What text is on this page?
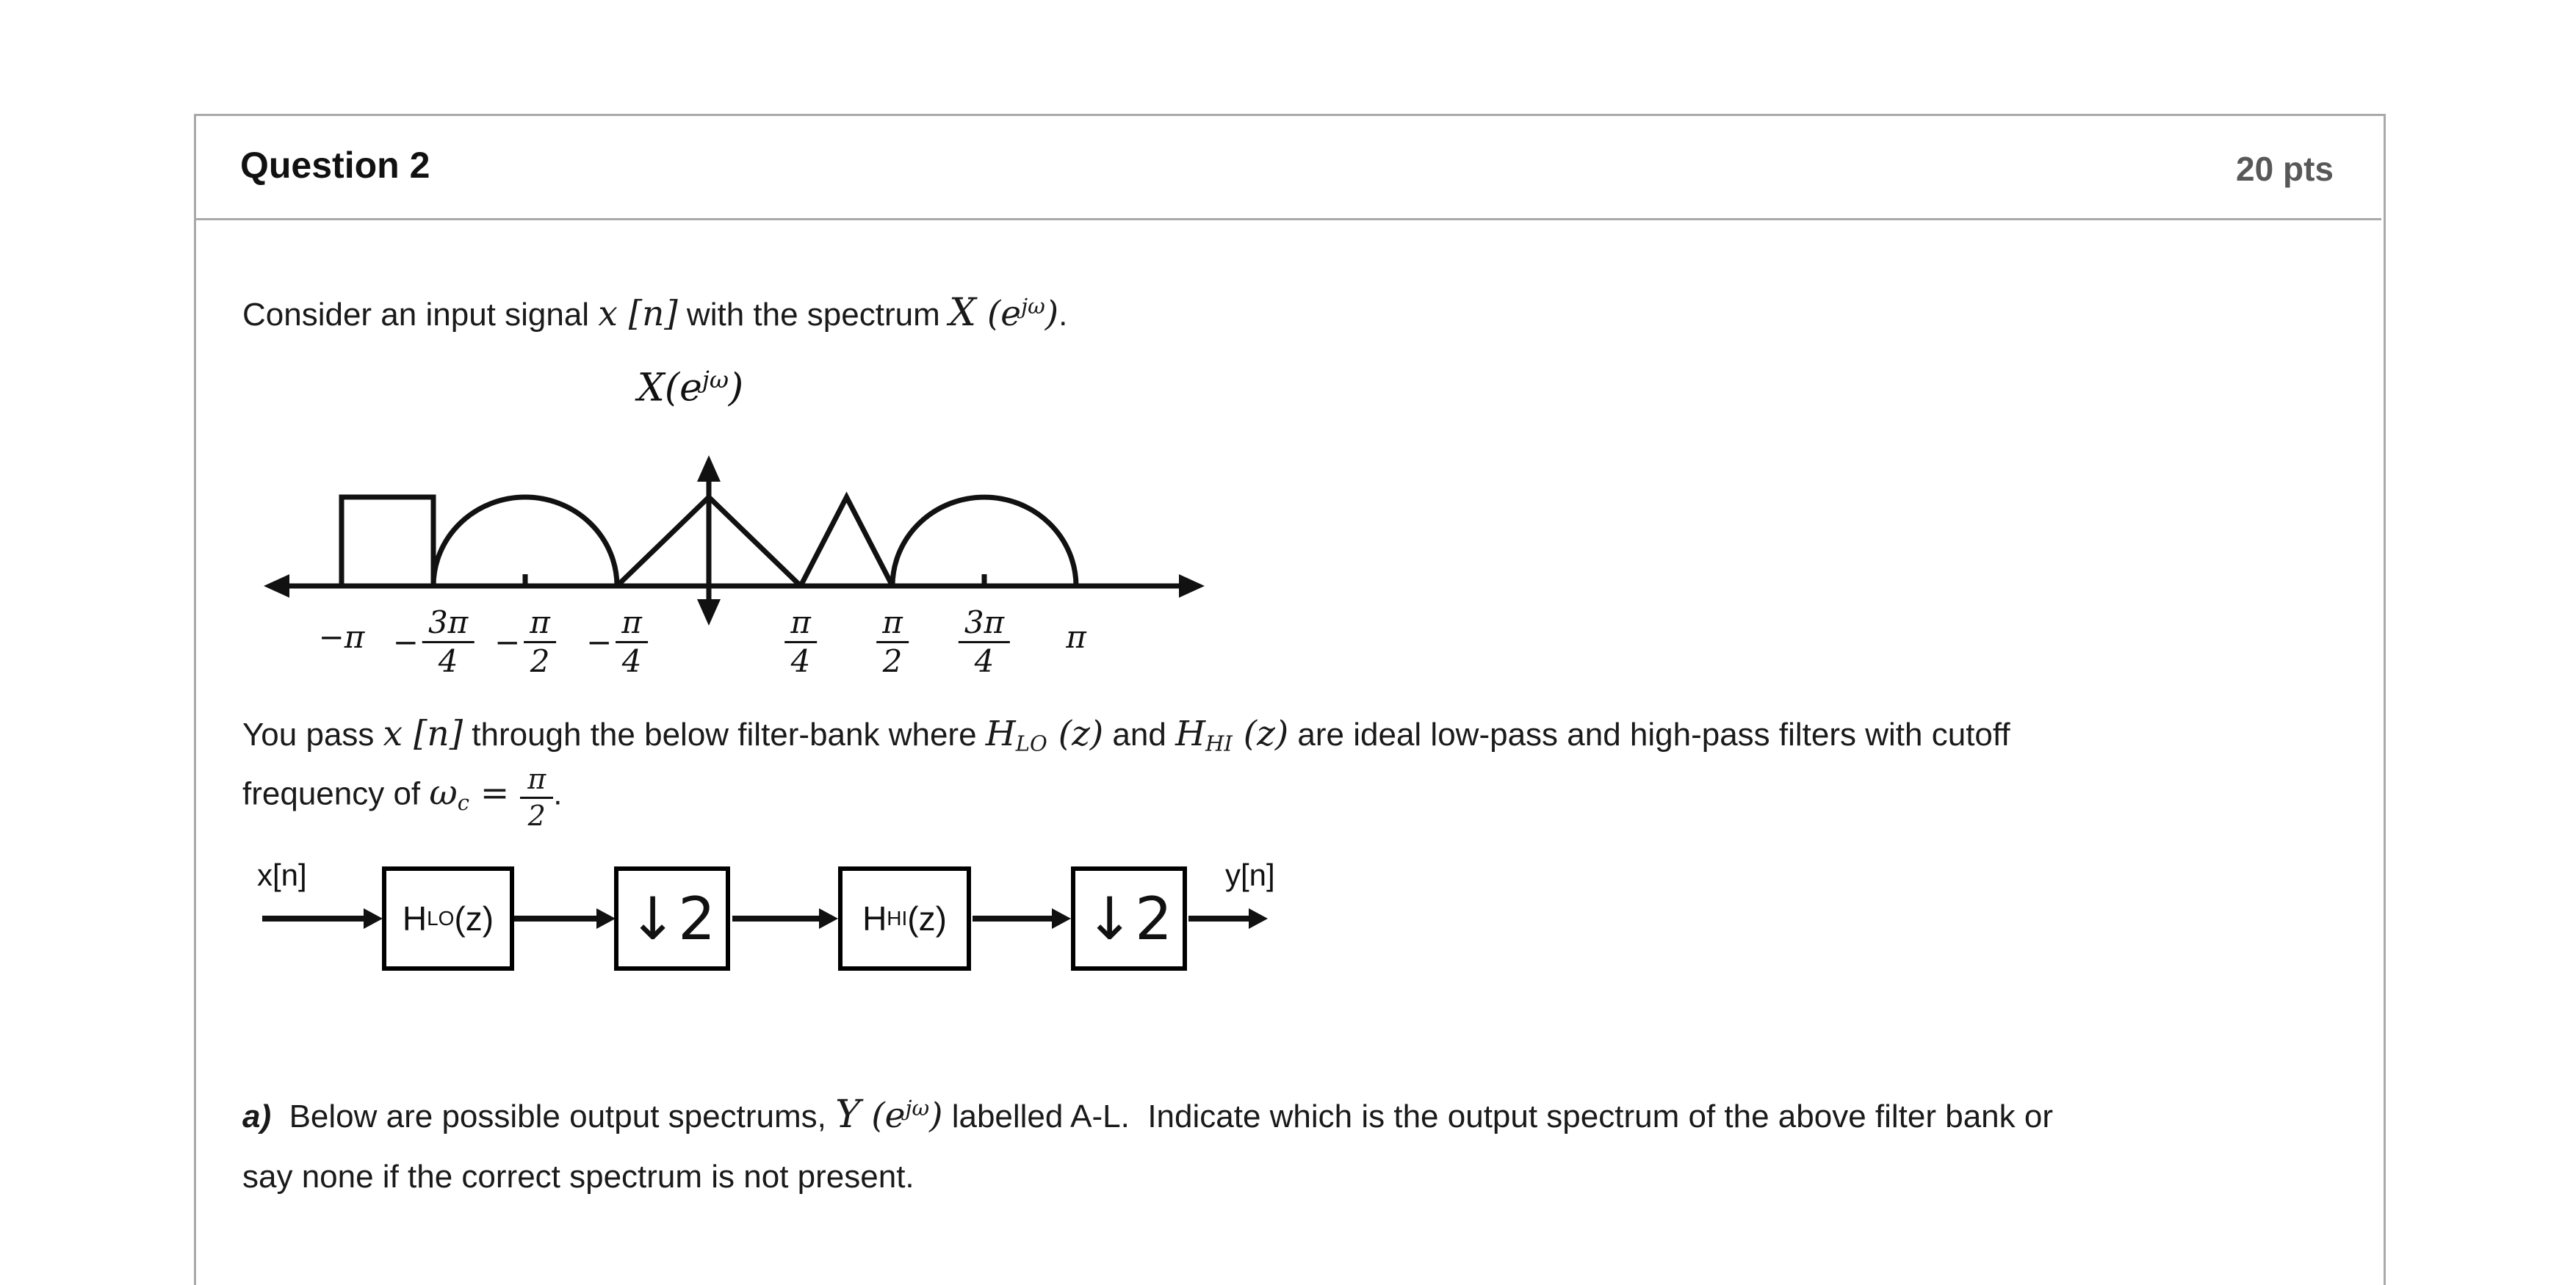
Question 2	20 pts
Consider an input signal x [n] with the spectrum X $(e^{j\omega})$.
$X(e^{j\omega})$
$-\pi - \frac{3\pi}{4} - \frac{\pi}{2} - \frac{\pi}{4}$	$\frac{\pi}{4} \frac{\pi}{2} \frac{3\pi}{4}$ π
You pass x [n] through the below filter-bank where HLO (z) and HHI (z) are ideal low-pass and high-pass filters with cutoff
frequency of $\omega c = \frac{\pi}{2}$ .
x[n]	y[n]
H LO (z) ↓2	H HI (z) ↓2
a)  Below are possible output spectrums, Y $(e^{j\omega})$ labelled A-L.  Indicate which is the output spectrum of the above filter bank or
say none if the correct spectrum is not present.
